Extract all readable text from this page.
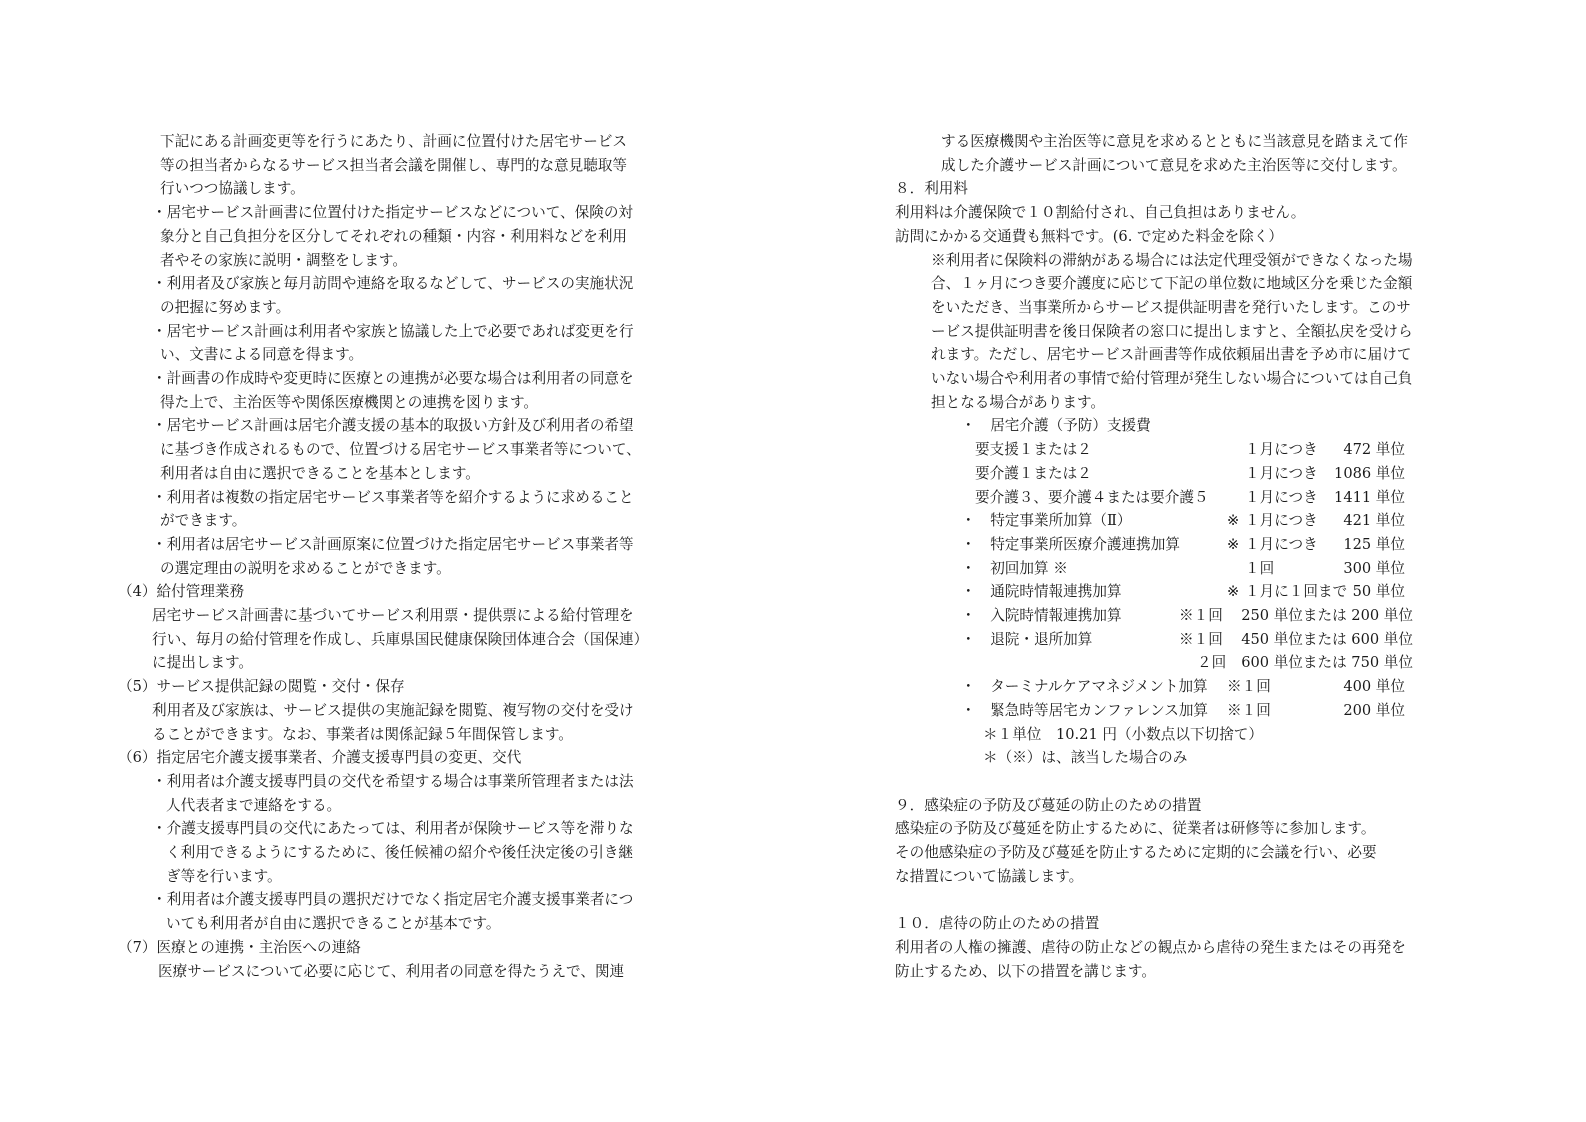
下記にある計画変更等を行うにあたり、計画に位置付けた居宅サービス
等の担当者からなるサービス担当者会議を開催し、専門的な意見聴取等
行いつつ協議します。
・居宅サービス計画書に位置付けた指定サービスなどについて、保険の対
象分と自己負担分を区分してそれぞれの種類・内容・利用料などを利用
者やその家族に説明・調整をします。
・利用者及び家族と毎月訪問や連絡を取るなどして、サービスの実施状況
の把握に努めます。
・居宅サービス計画は利用者や家族と協議した上で必要であれば変更を行
い、文書による同意を得ます。
・計画書の作成時や変更時に医療との連携が必要な場合は利用者の同意を
得た上で、主治医等や関係医療機関との連携を図ります。
・居宅サービス計画は居宅介護支援の基本的取扱い方針及び利用者の希望
に基づき作成されるもので、位置づける居宅サービス事業者等について、
利用者は自由に選択できることを基本とします。
・利用者は複数の指定居宅サービス事業者等を紹介するように求めること
ができます。
・利用者は居宅サービス計画原案に位置づけた指定居宅サービス事業者等
の選定理由の説明を求めることができます。
（4）給付管理業務
居宅サービス計画書に基づいてサービス利用票・提供票による給付管理を
行い、毎月の給付管理を作成し、兵庫県国民健康保険団体連合会（国保連）
に提出します。
（5）サービス提供記録の閲覧・交付・保存
利用者及び家族は、サービス提供の実施記録を閲覧、複写物の交付を受け
ることができます。なお、事業者は関係記録５年間保管します。
（6）指定居宅介護支援事業者、介護支援専門員の変更、交代
・利用者は介護支援専門員の交代を希望する場合は事業所管理者または法
人代表者まで連絡をする。
・介護支援専門員の交代にあたっては、利用者が保険サービス等を滞りな
く利用できるようにするために、後任候補の紹介や後任決定後の引き継
ぎ等を行います。
・利用者は介護支援専門員の選択だけでなく指定居宅介護支援事業者につ
いても利用者が自由に選択できることが基本です。
（7）医療との連携・主治医への連絡
医療サービスについて必要に応じて、利用者の同意を得たうえで、関連
する医療機関や主治医等に意見を求めるとともに当該意見を踏まえて作
成した介護サービス計画について意見を求めた主治医等に交付します。
８．利用料
利用料は介護保険で１０割給付され、自己負担はありません。
訪問にかかる交通費も無料です。(6. で定めた料金を除く）
※利用者に保険料の滞納がある場合には法定代理受領ができなくなった場
合、１ヶ月につき要介護度に応じて下記の単位数に地域区分を乗じた金額
をいただき、当事業所からサービス提供証明書を発行いたします。このサ
ービス提供証明書を後日保険者の窓口に提出しますと、全額払戻を受けら
れます。ただし、居宅サービス計画書等作成依頼届出書を予め市に届けて
いない場合や利用者の事情で給付管理が発生しない場合については自己負
担となる場合があります。
・　居宅介護（予防）支援費
要支援１または２	１月につき 472 単位
要介護１または２	１月につき 1086 単位
要介護３、要介護４または要介護５ １月につき 1411 単位
・　特定事業所加算（Ⅱ）	※ １月につき 421 単位
・　特定事業所医療介護連携加算	※ １月につき 125 単位
・　初回加算 ※	１回	300 単位
・　通院時情報連携加算	※ １月に１回まで 50 単位
・　入院時情報連携加算	※１回 250 単位または 200 単位
・　退院・退所加算	※１回 450 単位または 600 単位
２回 600 単位または 750 単位
・　ターミナルケアマネジメント加算 ※１回	400 単位
・　緊急時等居宅カンファレンス加算 ※１回	200 単位
＊１単位　10.21 円（小数点以下切捨て）
＊（※）は、該当した場合のみ
９．感染症の予防及び蔓延の防止のための措置
感染症の予防及び蔓延を防止するために、従業者は研修等に参加します。
その他感染症の予防及び蔓延を防止するために定期的に会議を行い、必要
な措置について協議します。
１０．虐待の防止のための措置
利用者の人権の擁護、虐待の防止などの観点から虐待の発生またはその再発を
防止するため、以下の措置を講じます。
